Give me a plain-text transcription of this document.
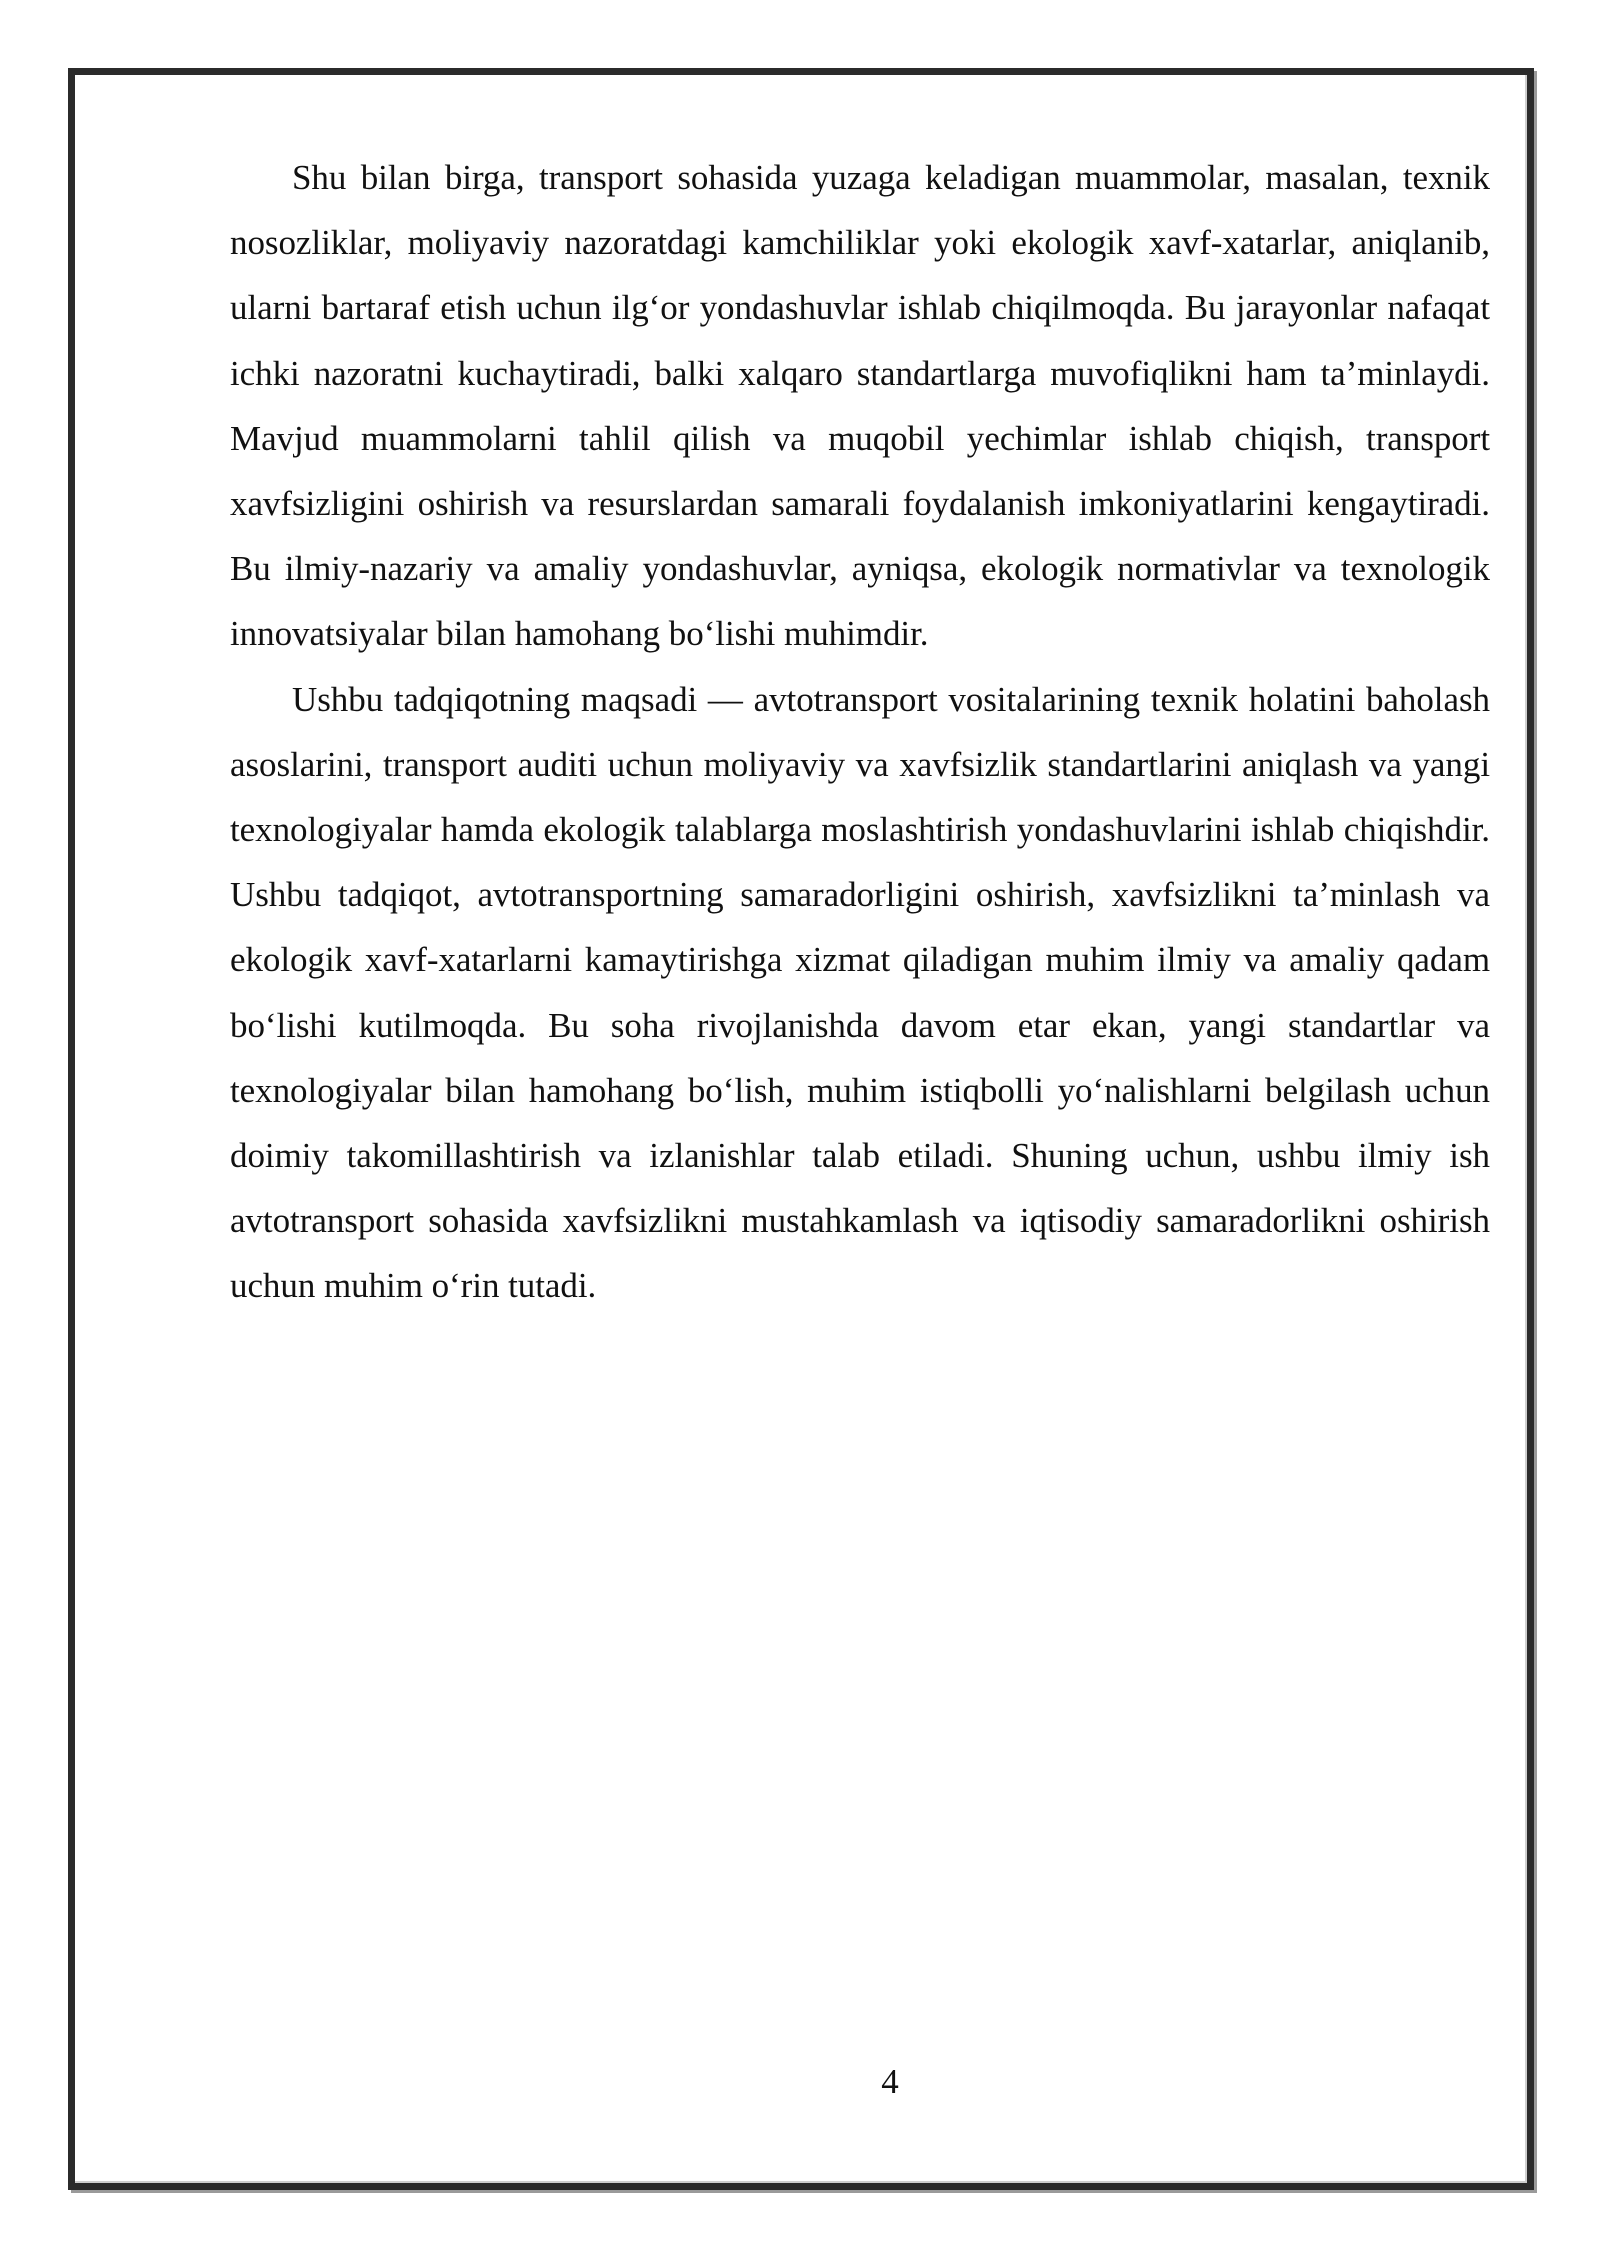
Shu bilan birga, transport sohasida yuzaga keladigan muammolar, masalan, texnik nosozliklar, moliyaviy nazoratdagi kamchiliklar yoki ekologik xavf-xatarlar, aniqlanib, ularni bartaraf etish uchun ilg‘or yondashuvlar ishlab chiqilmoqda. Bu jarayonlar nafaqat ichki nazoratni kuchaytiradi, balki xalqaro standartlarga muvofiqlikni ham ta’minlaydi. Mavjud muammolarni tahlil qilish va muqobil yechimlar ishlab chiqish, transport xavfsizligini oshirish va resurslardan samarali foydalanish imkoniyatlarini kengaytiradi. Bu ilmiy-nazariy va amaliy yondashuvlar, ayniqsa, ekologik normativlar va texnologik innovatsiyalar bilan hamohang bo‘lishi muhimdir.

Ushbu tadqiqotning maqsadi — avtotransport vositalarining texnik holatini baholash asoslarini, transport auditi uchun moliyaviy va xavfsizlik standartlarini aniqlash va yangi texnologiyalar hamda ekologik talablarga moslashtirish yondashuvlarini ishlab chiqishdir. Ushbu tadqiqot, avtotransportning samaradorligini oshirish, xavfsizlikni ta’minlash va ekologik xavf-xatarlarni kamaytirishga xizmat qiladigan muhim ilmiy va amaliy qadam bo‘lishi kutilmoqda. Bu soha rivojlanishda davom etar ekan, yangi standartlar va texnologiyalar bilan hamohang bo‘lish, muhim istiqbolli yo‘nalishlarni belgilash uchun doimiy takomillashtirish va izlanishlar talab etiladi. Shuning uchun, ushbu ilmiy ish avtotransport sohasida xavfsizlikni mustahkamlash va iqtisodiy samaradorlikni oshirish uchun muhim o‘rin tutadi.

4
